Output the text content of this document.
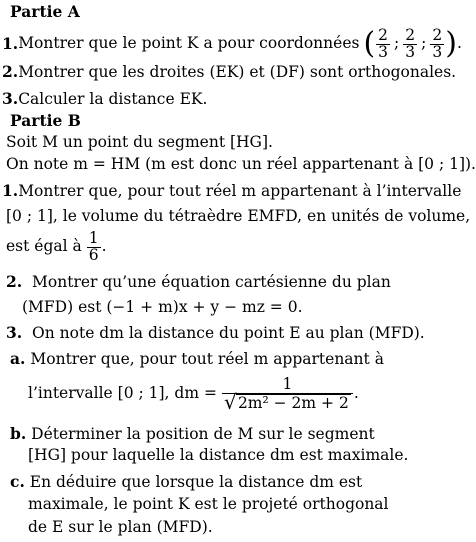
Partie A
1. Montrer que le point K a pour coordonnées ( $\frac{2}{3}$ ; $\frac{2}{3}$ ; $\frac{2}{3}$ ) .
2.Montrer que les droites (EK) et (DF) sont orthogonales.
3.Calculer la distance EK.
Partie B
Soit M un point du segment [HG].
On note m = HM (m est donc un réel appartenant à [0 ; 1]).
1.Montrer que, pour tout réel m appartenant à l’intervalle
[0 ; 1], le volume du tétraèdre EMFD, en unités de volume,
est égal à $\frac{1}{6}$ .
2. Montrer qu’une équation cartésienne du plan
(MFD) est (−1 + m)x + y − mz = 0.
3. On note dm la distance du point E au plan (MFD).
a. Montrer que, pour tout réel m appartenant à
l’intervalle [0 ; 1], dm = $\frac{1}{\text{√ 2m² − 2m + 2}}$ .
b. Déterminer la position de M sur le segment
[HG] pour laquelle la distance dm est maximale.
c. En déduire que lorsque la distance dm est
maximale, le point K est le projeté orthogonal
de E sur le plan (MFD).
